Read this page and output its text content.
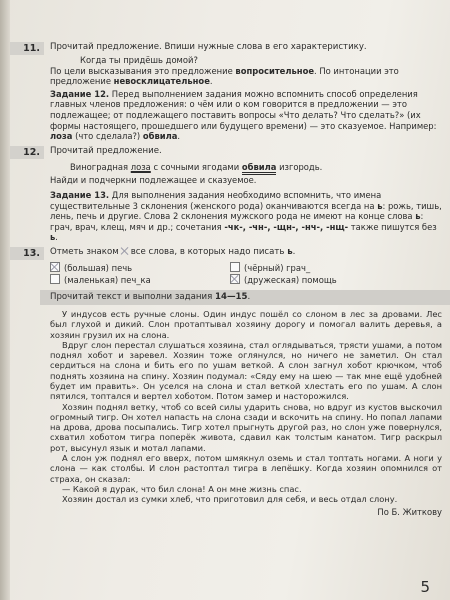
11.	Прочитай предложение. Впиши нужные слова в его характеристику.
Когда ты придёшь домой?
По цели высказывания это предложение вопросительное. По интонации это предложение невосклицательное.
Задание 12. Перед выполнением задания можно вспомнить способ определения главных членов предложения: о чём или о ком говорится в предложении — это подлежащее; от подлежащего поставить вопросы «Что делать? Что сделать?» (их формы настоящего, прошедшего или будущего времени) — это сказуемое. Например: лоза (что сделала?) обвила.
12.	Прочитай предложение.
Виноградная лоза с сочными ягодами обвила изгородь.
Найди и подчеркни подлежащее и сказуемое.
Задание 13. Для выполнения задания необходимо вспомнить, что имена существительные 3 склонения (женского рода) оканчиваются всегда на ь: рожь, тишь, лень, печь и другие. Слова 2 склонения мужского рода не имеют на конце слова ь: грач, врач, клещ, мяч и др.; сочетания -чк-, -чн-, -щн-, -нч-, -нщ- также пишутся без ь.
13.	Отметь знаком все слова, в которых надо писать ь.
(большая) печь	(чёрный) грач_
(маленькая) печ_ка	(дружеская) помощь
Прочитай текст и выполни задания 14—15.

У индусов есть ручные слоны. Один индус пошёл со слоном в лес за дровами. Лес был глухой и дикий. Слон протаптывал хозяину дорогу и помогал валить деревья, а хозяин грузил их на слона.

Вдруг слон перестал слушаться хозяина, стал оглядываться, трясти ушами, а потом поднял хобот и заревел. Хозяин тоже оглянулся, но ничего не заметил. Он стал сердиться на слона и бить его по ушам веткой. А слон загнул хобот крючком, чтоб поднять хозяина на спину. Хозяин подумал: «Сяду ему на шею — так мне ещё удобней будет им править». Он уселся на слона и стал веткой хлестать его по ушам. А слон пятился, топтался и вертел хоботом. Потом замер и насторожился.

Хозяин поднял ветку, чтоб со всей силы ударить снова, но вдруг из кустов выскочил огромный тигр. Он хотел напасть на слона сзади и вскочить на спину. Но попал лапами на дрова, дрова посыпались. Тигр хотел прыгнуть другой раз, но слон уже повернулся, схватил хоботом тигра поперёк живота, сдавил как толстым канатом. Тигр раскрыл рот, высунул язык и мотал лапами.

А слон уж поднял его вверх, потом шмякнул оземь и стал топтать ногами. А ноги у слона — как столбы. И слон растоптал тигра в лепёшку. Когда хозяин опомнился от страха, он сказал:

— Какой я дурак, что бил слона! А он мне жизнь спас.

Хозяин достал из сумки хлеб, что приготовил для себя, и весь отдал слону.

По Б. Житкову
5
